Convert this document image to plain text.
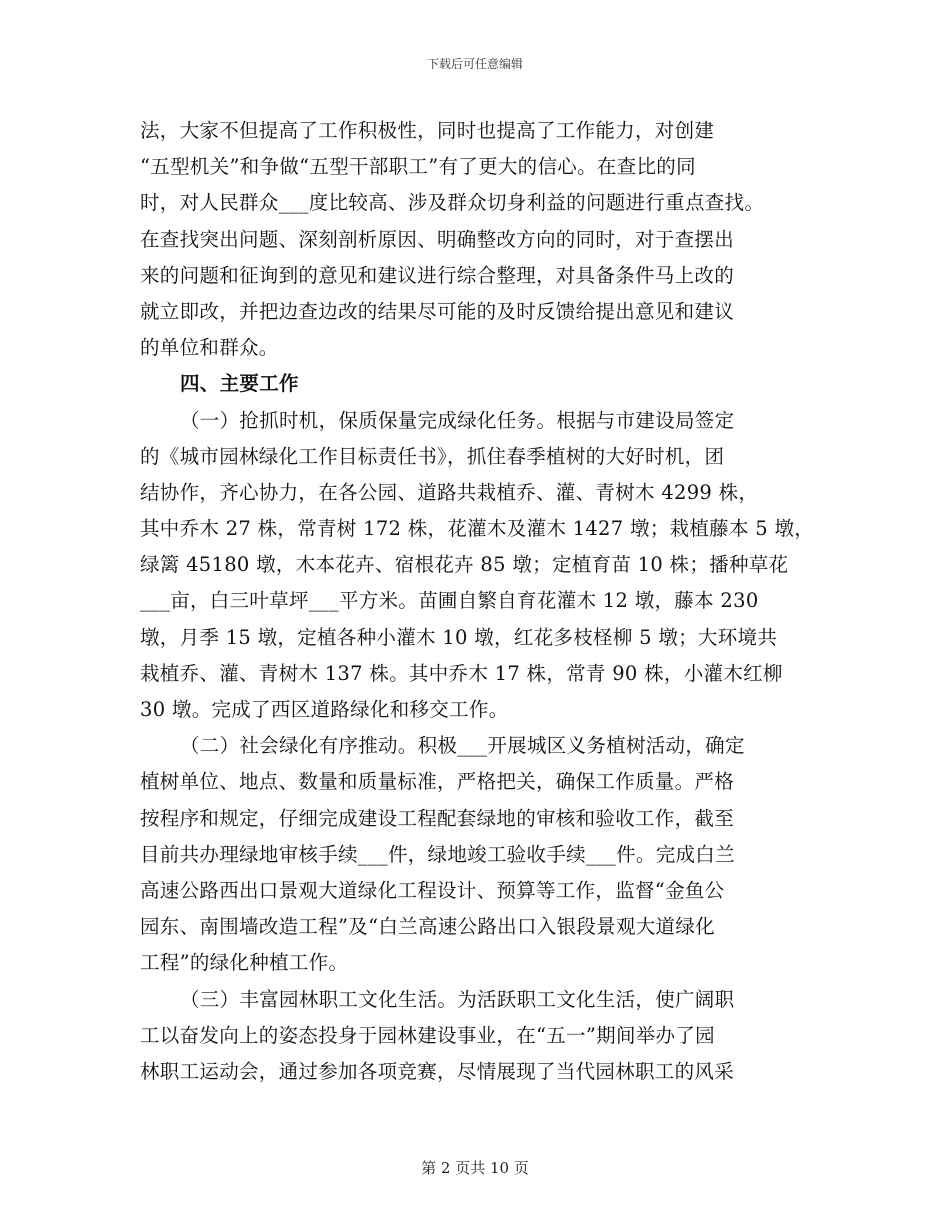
下载后可任意编辑
法，大家不但提高了工作积极性，同时也提高了工作能力，对创建
“五型机关”和争做“五型干部职工”有了更大的信心。在查比的同
时，对人民群众___度比较高、涉及群众切身利益的问题进行重点查找。
在查找突出问题、深刻剖析原因、明确整改方向的同时，对于查摆出
来的问题和征询到的意见和建议进行综合整理，对具备条件马上改的
就立即改，并把边查边改的结果尽可能的及时反馈给提出意见和建议
的单位和群众。
四、主要工作
（一）抢抓时机，保质保量完成绿化任务。根据与市建设局签定
的《城市园林绿化工作目标责任书》，抓住春季植树的大好时机，团
结协作，齐心协力，在各公园、道路共栽植乔、灌、青树木 4299 株，
其中乔木 27 株，常青树 172 株，花灌木及灌木 1427 墩；栽植藤本 5 墩，
绿篱 45180 墩，木本花卉、宿根花卉 85 墩；定植育苗 10 株；播种草花
___亩，白三叶草坪___平方米。苗圃自繁自育花灌木 12 墩，藤本 230
墩，月季 15 墩，定植各种小灌木 10 墩，红花多枝柽柳 5 墩；大环境共
栽植乔、灌、青树木 137 株。其中乔木 17 株，常青 90 株，小灌木红柳
30 墩。完成了西区道路绿化和移交工作。
（二）社会绿化有序推动。积极___开展城区义务植树活动，确定
植树单位、地点、数量和质量标准，严格把关，确保工作质量。严格
按程序和规定，仔细完成建设工程配套绿地的审核和验收工作，截至
目前共办理绿地审核手续___件，绿地竣工验收手续___件。完成白兰
高速公路西出口景观大道绿化工程设计、预算等工作，监督“金鱼公
园东、南围墙改造工程”及“白兰高速公路出口入银段景观大道绿化
工程”的绿化种植工作。
（三）丰富园林职工文化生活。为活跃职工文化生活，使广阔职
工以奋发向上的姿态投身于园林建设事业，在“五一”期间举办了园
林职工运动会，通过参加各项竞赛，尽情展现了当代园林职工的风采
第 2 页共 10 页
